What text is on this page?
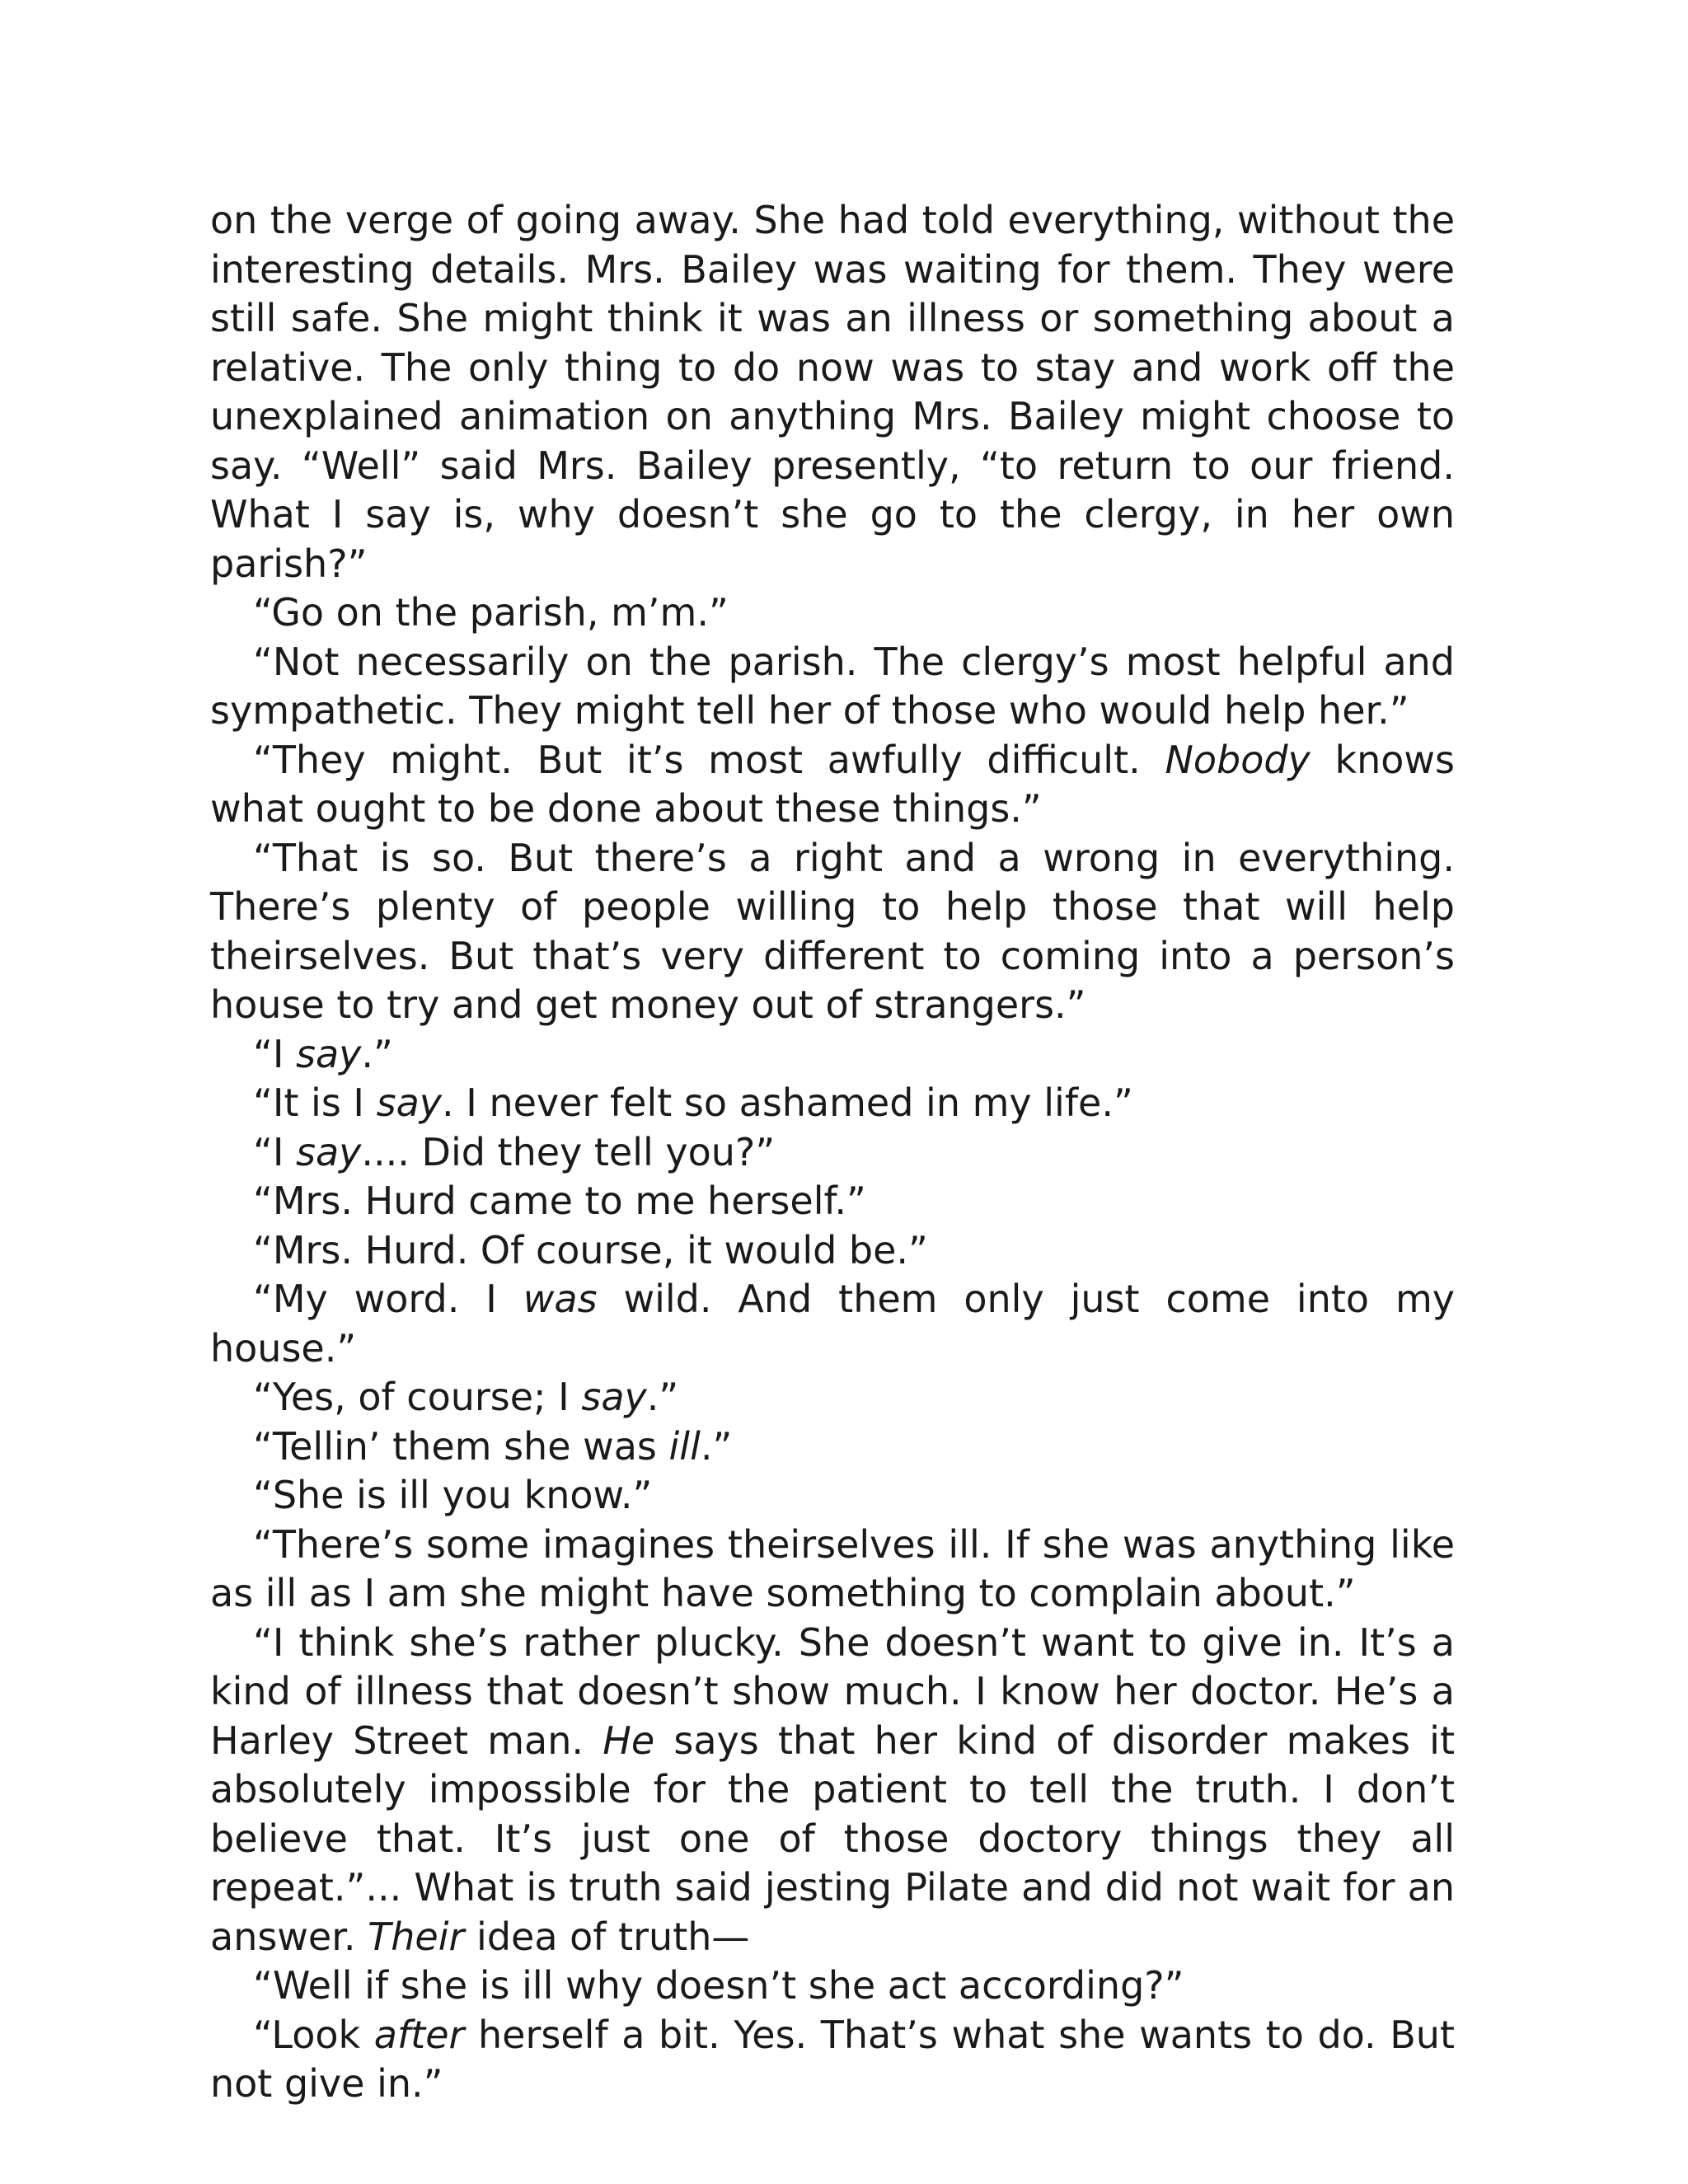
on the verge of going away. She had told everything, without the interesting details. Mrs. Bailey was waiting for them. They were still safe. She might think it was an illness or something about a relative. The only thing to do now was to stay and work off the unexplained animation on anything Mrs. Bailey might choose to say. “Well” said Mrs. Bailey presently, “to return to our friend. What I say is, why doesn’t she go to the clergy, in her own parish?”

“Go on the parish, m’m.”

“Not necessarily on the parish. The clergy’s most helpful and sympathetic. They might tell her of those who would help her.”

“They might. But it’s most awfully difficult. Nobody knows what ought to be done about these things.”

“That is so. But there’s a right and a wrong in everything. There’s plenty of people willing to help those that will help theirselves. But that’s very different to coming into a person’s house to try and get money out of strangers.”

“I say.”

“It is I say. I never felt so ashamed in my life.”

“I say.... Did they tell you?”

“Mrs. Hurd came to me herself.”

“Mrs. Hurd. Of course, it would be.”

“My word. I was wild. And them only just come into my house.”

“Yes, of course; I say.”

“Tellin’ them she was ill.”

“She is ill you know.”

“There’s some imagines theirselves ill. If she was anything like as ill as I am she might have something to complain about.”

“I think she’s rather plucky. She doesn’t want to give in. It’s a kind of illness that doesn’t show much. I know her doctor. He’s a Harley Street man. He says that her kind of disorder makes it absolutely impossible for the patient to tell the truth. I don’t believe that. It’s just one of those doctory things they all repeat.”... What is truth said jesting Pilate and did not wait for an answer. Their idea of truth—

“Well if she is ill why doesn’t she act according?”

“Look after herself a bit. Yes. That’s what she wants to do. But not give in.”
